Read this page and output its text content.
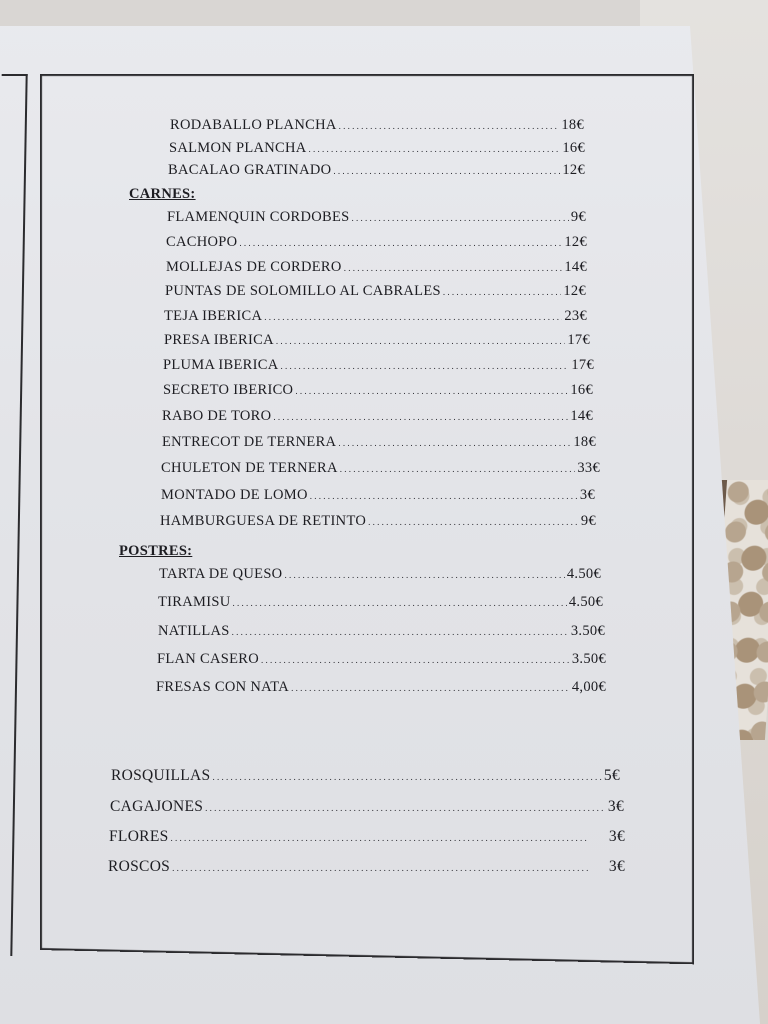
RODABALLO PLANCHA . . .	18€
SALMON PLANCHA . . .	16€
BACALAO GRATINADO . . .	12€
CARNES:
FLAMENQUIN CORDOBES . . .	9€
CACHOPO . . .	12€
MOLLEJAS DE CORDERO . . .	14€
PUNTAS DE SOLOMILLO AL CABRALES . . .	12€
TEJA IBERICA . . .	23€
PRESA IBERICA . . .	17€
PLUMA IBERICA . . .	17€
SECRETO IBERICO . . .	16€
RABO DE TORO . . .	14€
ENTRECOT DE TERNERA . . .	18€
CHULETON DE TERNERA . . .	33€
MONTADO DE LOMO . . .	3€
HAMBURGUESA DE RETINTO . . .	9€
POSTRES:
TARTA DE QUESO . . .	4.50€
TIRAMISU . . .	4.50€
NATILLAS . . .	3.50€
FLAN CASERO . . .	3.50€
FRESAS CON NATA . . .	4,00€
ROSQUILLAS . . .	5€
CAGAJONES . . .	3€
FLORES . . .	3€
ROSCOS . . .	3€
